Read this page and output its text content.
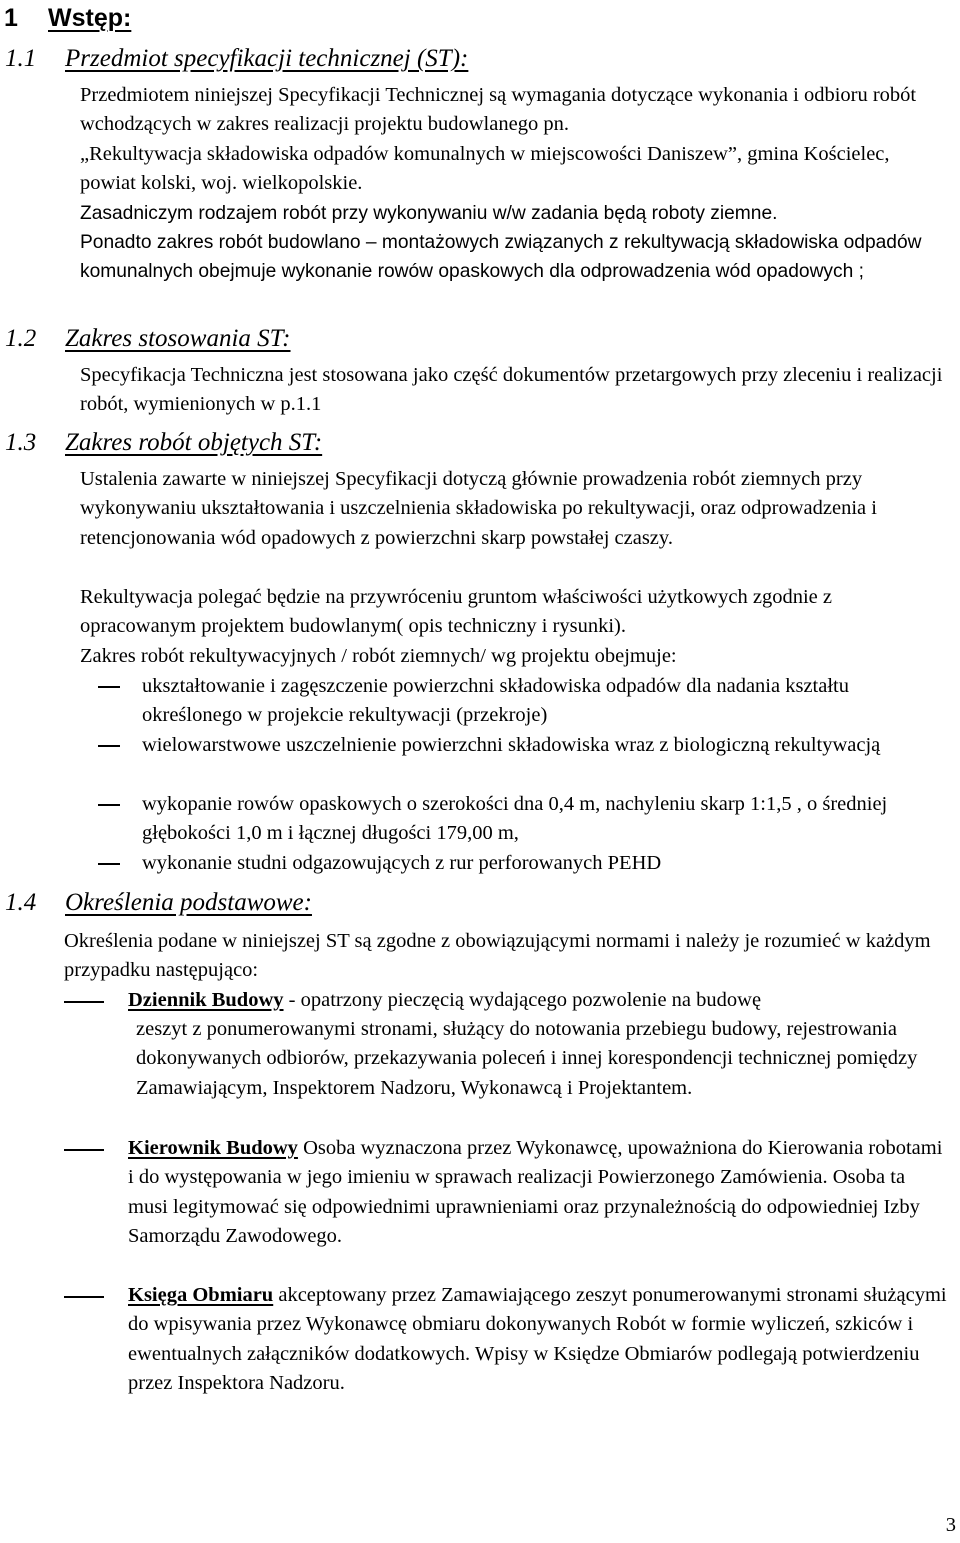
1 Wstęp:
1.1 Przedmiot specyfikacji technicznej (ST):

Przedmiotem niniejszej Specyfikacji Technicznej są wymagania dotyczące wykonania i odbioru robót wchodzących w zakres realizacji projektu budowlanego pn.

„Rekultywacja składowiska odpadów komunalnych w miejscowości Daniszew”, gmina Kościelec, powiat kolski, woj. wielkopolskie.

Zasadniczym rodzajem robót przy wykonywaniu w/w zadania będą roboty ziemne.

Ponadto zakres robót budowlano – montażowych związanych z rekultywacją składowiska odpadów komunalnych obejmuje wykonanie rowów opaskowych dla odprowadzenia wód opadowych ;

1.2 Zakres stosowania ST:

Specyfikacja Techniczna jest stosowana jako część dokumentów przetargowych przy zleceniu i realizacji robót, wymienionych w p.1.1

1.3 Zakres robót objętych ST:

Ustalenia zawarte w niniejszej Specyfikacji dotyczą głównie prowadzenia robót ziemnych przy wykonywaniu ukształtowania i uszczelnienia składowiska po rekultywacji, oraz odprowadzenia i retencjonowania wód opadowych z powierzchni skarp powstałej czaszy.

Rekultywacja polegać będzie na przywróceniu gruntom właściwości użytkowych zgodnie z opracowanym projektem budowlanym( opis techniczny i rysunki).

Zakres robót rekultywacyjnych / robót ziemnych/ wg projektu obejmuje:

ukształtowanie i zagęszczenie powierzchni składowiska odpadów dla nadania kształtu określonego w projekcie rekultywacji (przekroje)

wielowarstwowe uszczelnienie powierzchni składowiska wraz z biologiczną rekultywacją

wykopanie rowów opaskowych o szerokości dna 0,4 m, nachyleniu skarp 1:1,5 , o średniej głębokości 1,0 m i łącznej długości 179,00 m,

wykonanie studni odgazowujących z rur perforowanych PEHD

1.4 Określenia podstawowe:

Określenia podane w niniejszej ST są zgodne z obowiązującymi normami i należy je rozumieć w każdym przypadku następująco:

Dziennik Budowy - opatrzony pieczęcią wydającego pozwolenie na budowę

zeszyt z ponumerowanymi stronami, służący do notowania przebiegu budowy, rejestrowania dokonywanych odbiorów, przekazywania poleceń i innej korespondencji technicznej pomiędzy Zamawiającym, Inspektorem Nadzoru, Wykonawcą i Projektantem.

Kierownik Budowy Osoba wyznaczona przez Wykonawcę, upoważniona do Kierowania robotami i do występowania w jego imieniu w sprawach realizacji Powierzonego Zamówienia. Osoba ta musi legitymować się odpowiednimi uprawnieniami oraz przynależnością do odpowiedniej Izby Samorządu Zawodowego.

Księga Obmiaru akceptowany przez Zamawiającego zeszyt ponumerowanymi stronami służącymi do wpisywania przez Wykonawcę obmiaru dokonywanych Robót w formie wyliczeń, szkiców i ewentualnych załączników dodatkowych. Wpisy w Księdze Obmiarów podlegają potwierdzeniu przez Inspektora Nadzoru.

3
